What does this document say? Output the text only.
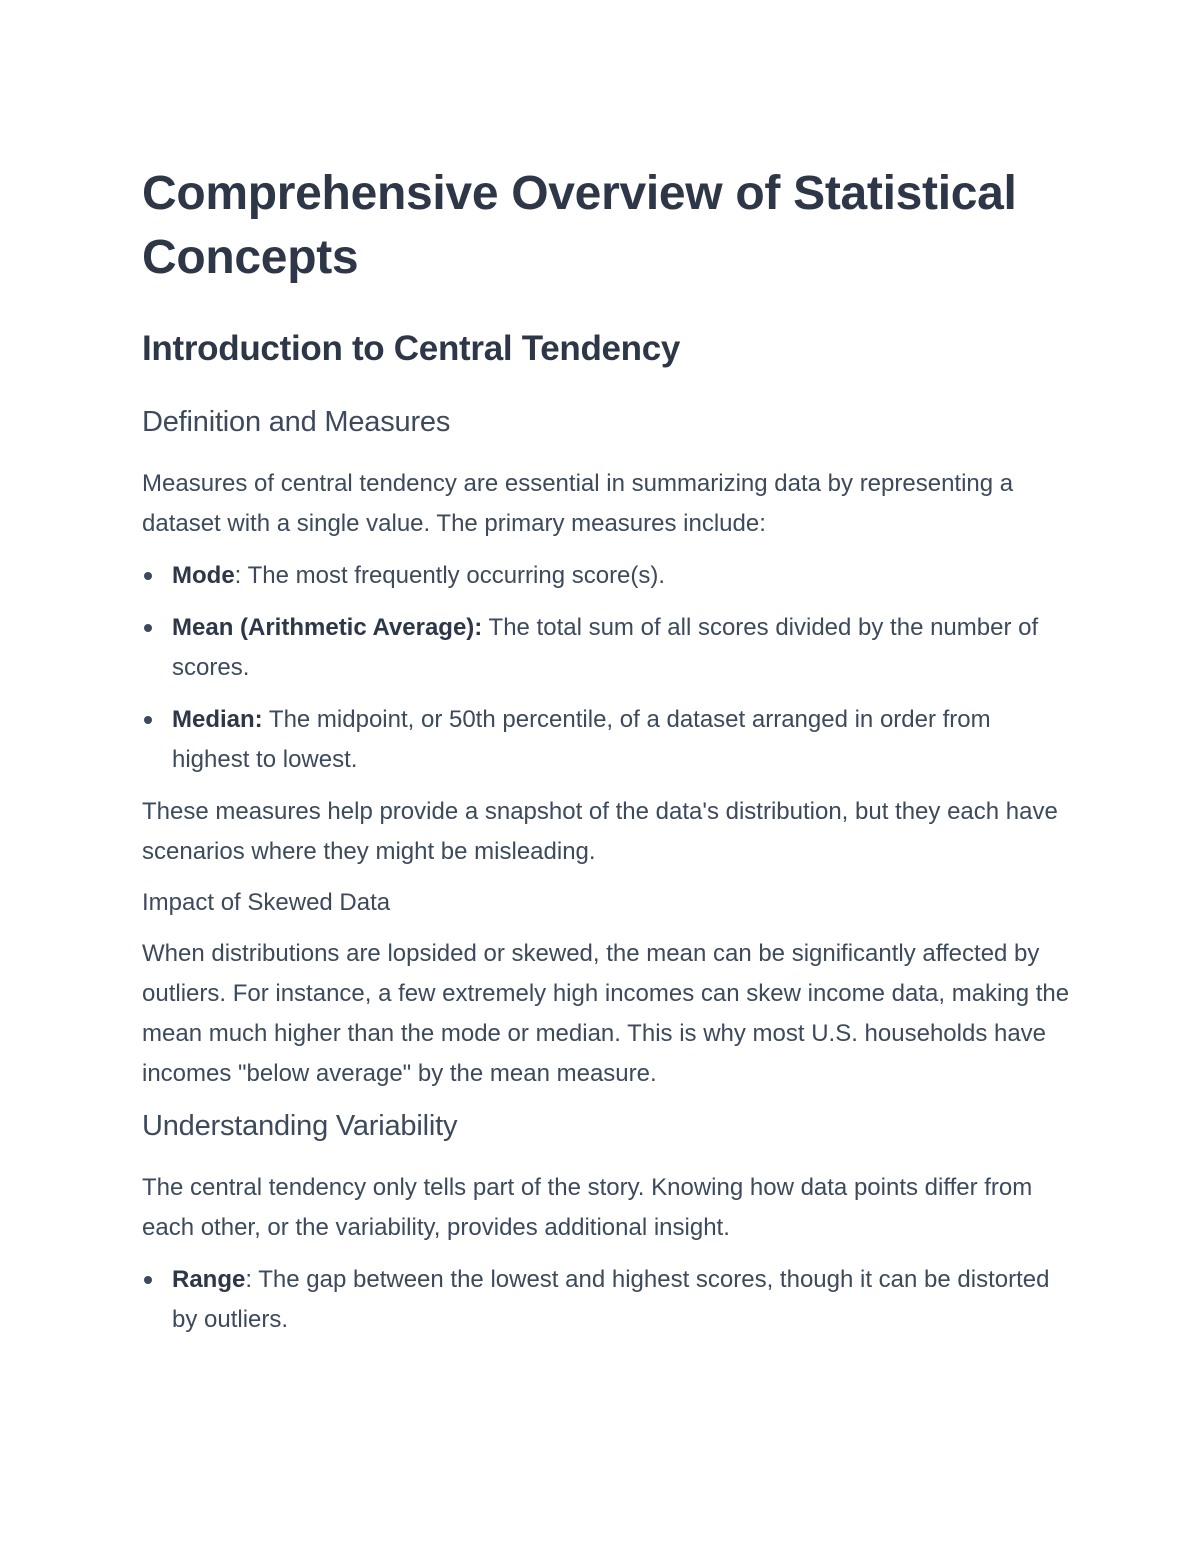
Comprehensive Overview of Statistical Concepts
Introduction to Central Tendency
Definition and Measures

Measures of central tendency are essential in summarizing data by representing a dataset with a single value. The primary measures include:

Mode: The most frequently occurring score(s).
Mean (Arithmetic Average): The total sum of all scores divided by the number of scores.
Median: The midpoint, or 50th percentile, of a dataset arranged in order from highest to lowest.

These measures help provide a snapshot of the data's distribution, but they each have scenarios where they might be misleading.

Impact of Skewed Data

When distributions are lopsided or skewed, the mean can be significantly affected by outliers. For instance, a few extremely high incomes can skew income data, making the mean much higher than the mode or median. This is why most U.S. households have incomes "below average" by the mean measure.

Understanding Variability

The central tendency only tells part of the story. Knowing how data points differ from each other, or the variability, provides additional insight.

Range: The gap between the lowest and highest scores, though it can be distorted by outliers.
